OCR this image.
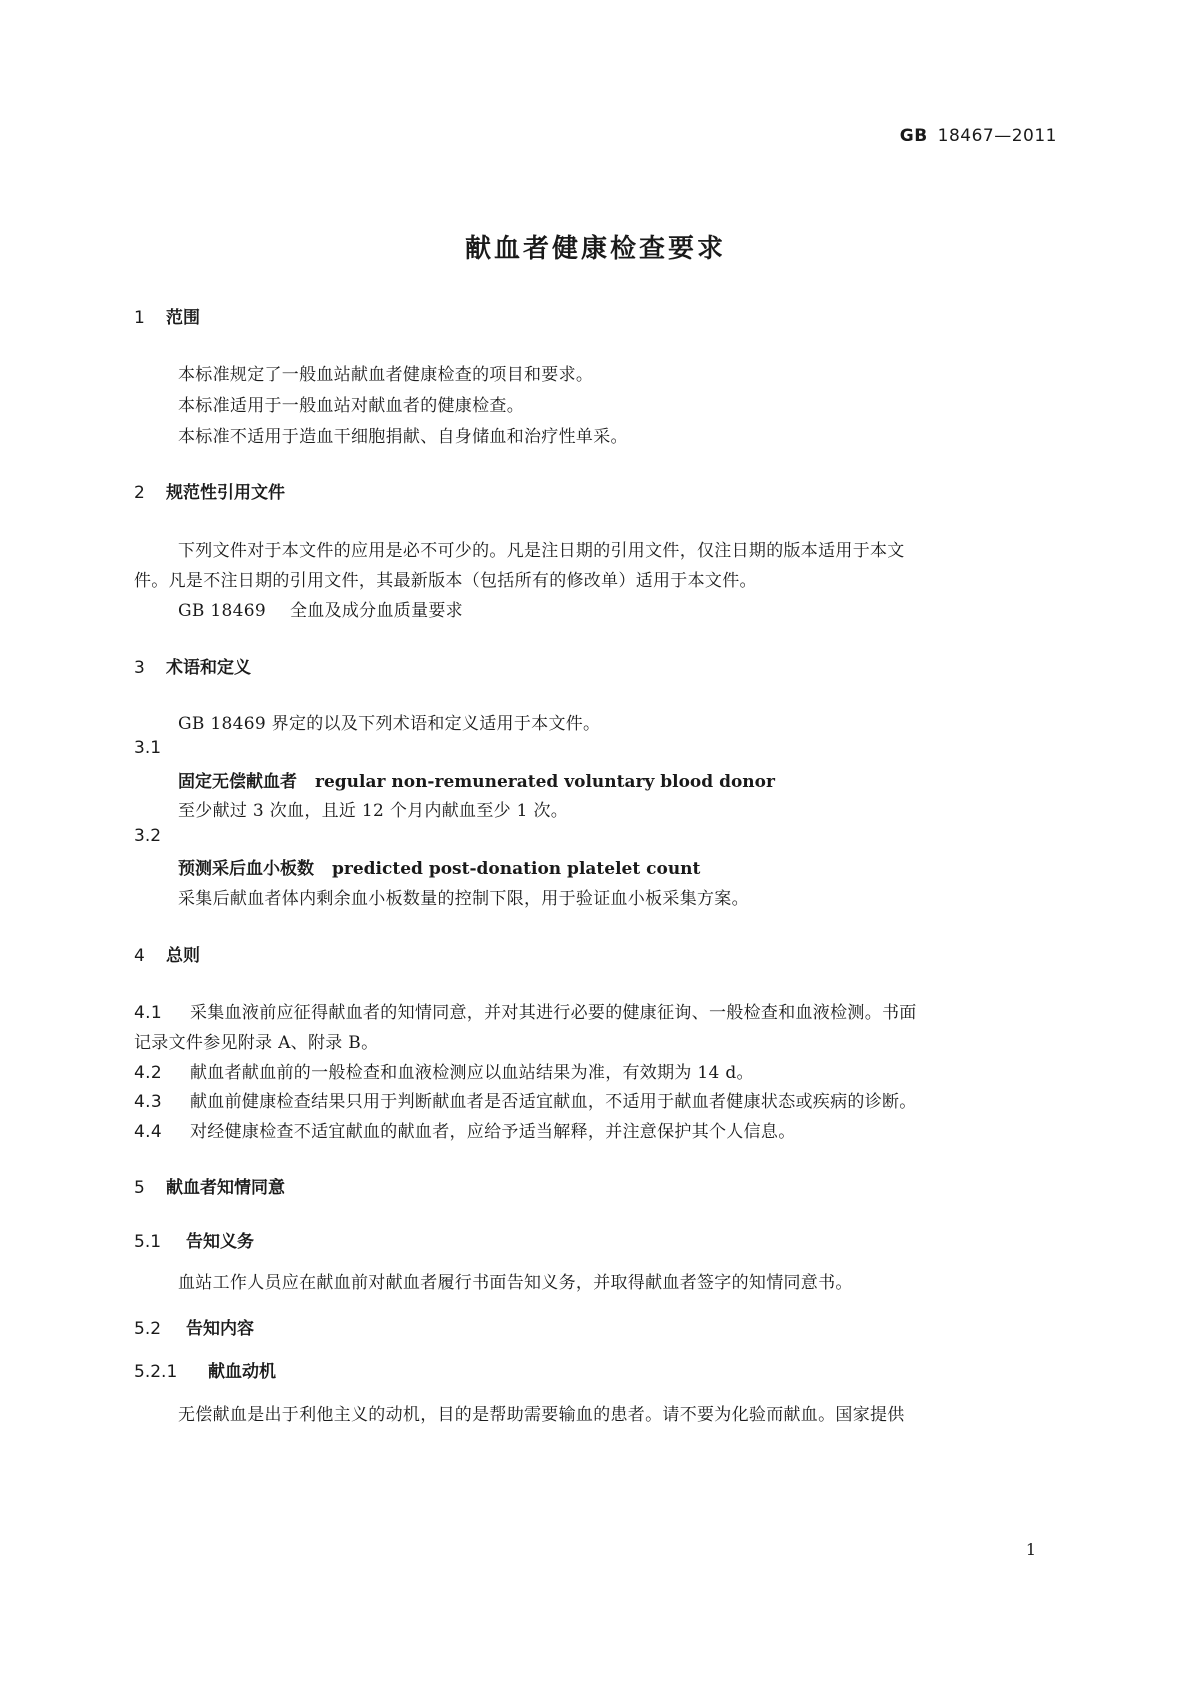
GB 18467—2011
献血者健康检查要求
1 范围
本标准规定了一般血站献血者健康检查的项目和要求。
本标准适用于一般血站对献血者的健康检查。
本标准不适用于造血干细胞捐献、自身储血和治疗性单采。
2 规范性引用文件
下列文件对于本文件的应用是必不可少的。凡是注日期的引用文件，仅注日期的版本适用于本文
件。凡是不注日期的引用文件，其最新版本（包括所有的修改单）适用于本文件。
GB 18469 全血及成分血质量要求
3 术语和定义
GB 18469 界定的以及下列术语和定义适用于本文件。
3.1
固定无偿献血者 regular non-remunerated voluntary blood donor
至少献过 3 次血，且近 12 个月内献血至少 1 次。
3.2
预测采后血小板数 predicted post-donation platelet count
采集后献血者体内剩余血小板数量的控制下限，用于验证血小板采集方案。
4 总则
4.1 采集血液前应征得献血者的知情同意，并对其进行必要的健康征询、一般检查和血液检测。书面
记录文件参见附录 A、附录 B。
4.2 献血者献血前的一般检查和血液检测应以血站结果为准，有效期为 14 d。
4.3 献血前健康检查结果只用于判断献血者是否适宜献血，不适用于献血者健康状态或疾病的诊断。
4.4 对经健康检查不适宜献血的献血者，应给予适当解释，并注意保护其个人信息。
5 献血者知情同意
5.1 告知义务
血站工作人员应在献血前对献血者履行书面告知义务，并取得献血者签字的知情同意书。
5.2 告知内容
5.2.1 献血动机
无偿献血是出于利他主义的动机，目的是帮助需要输血的患者。请不要为化验而献血。国家提供
1
